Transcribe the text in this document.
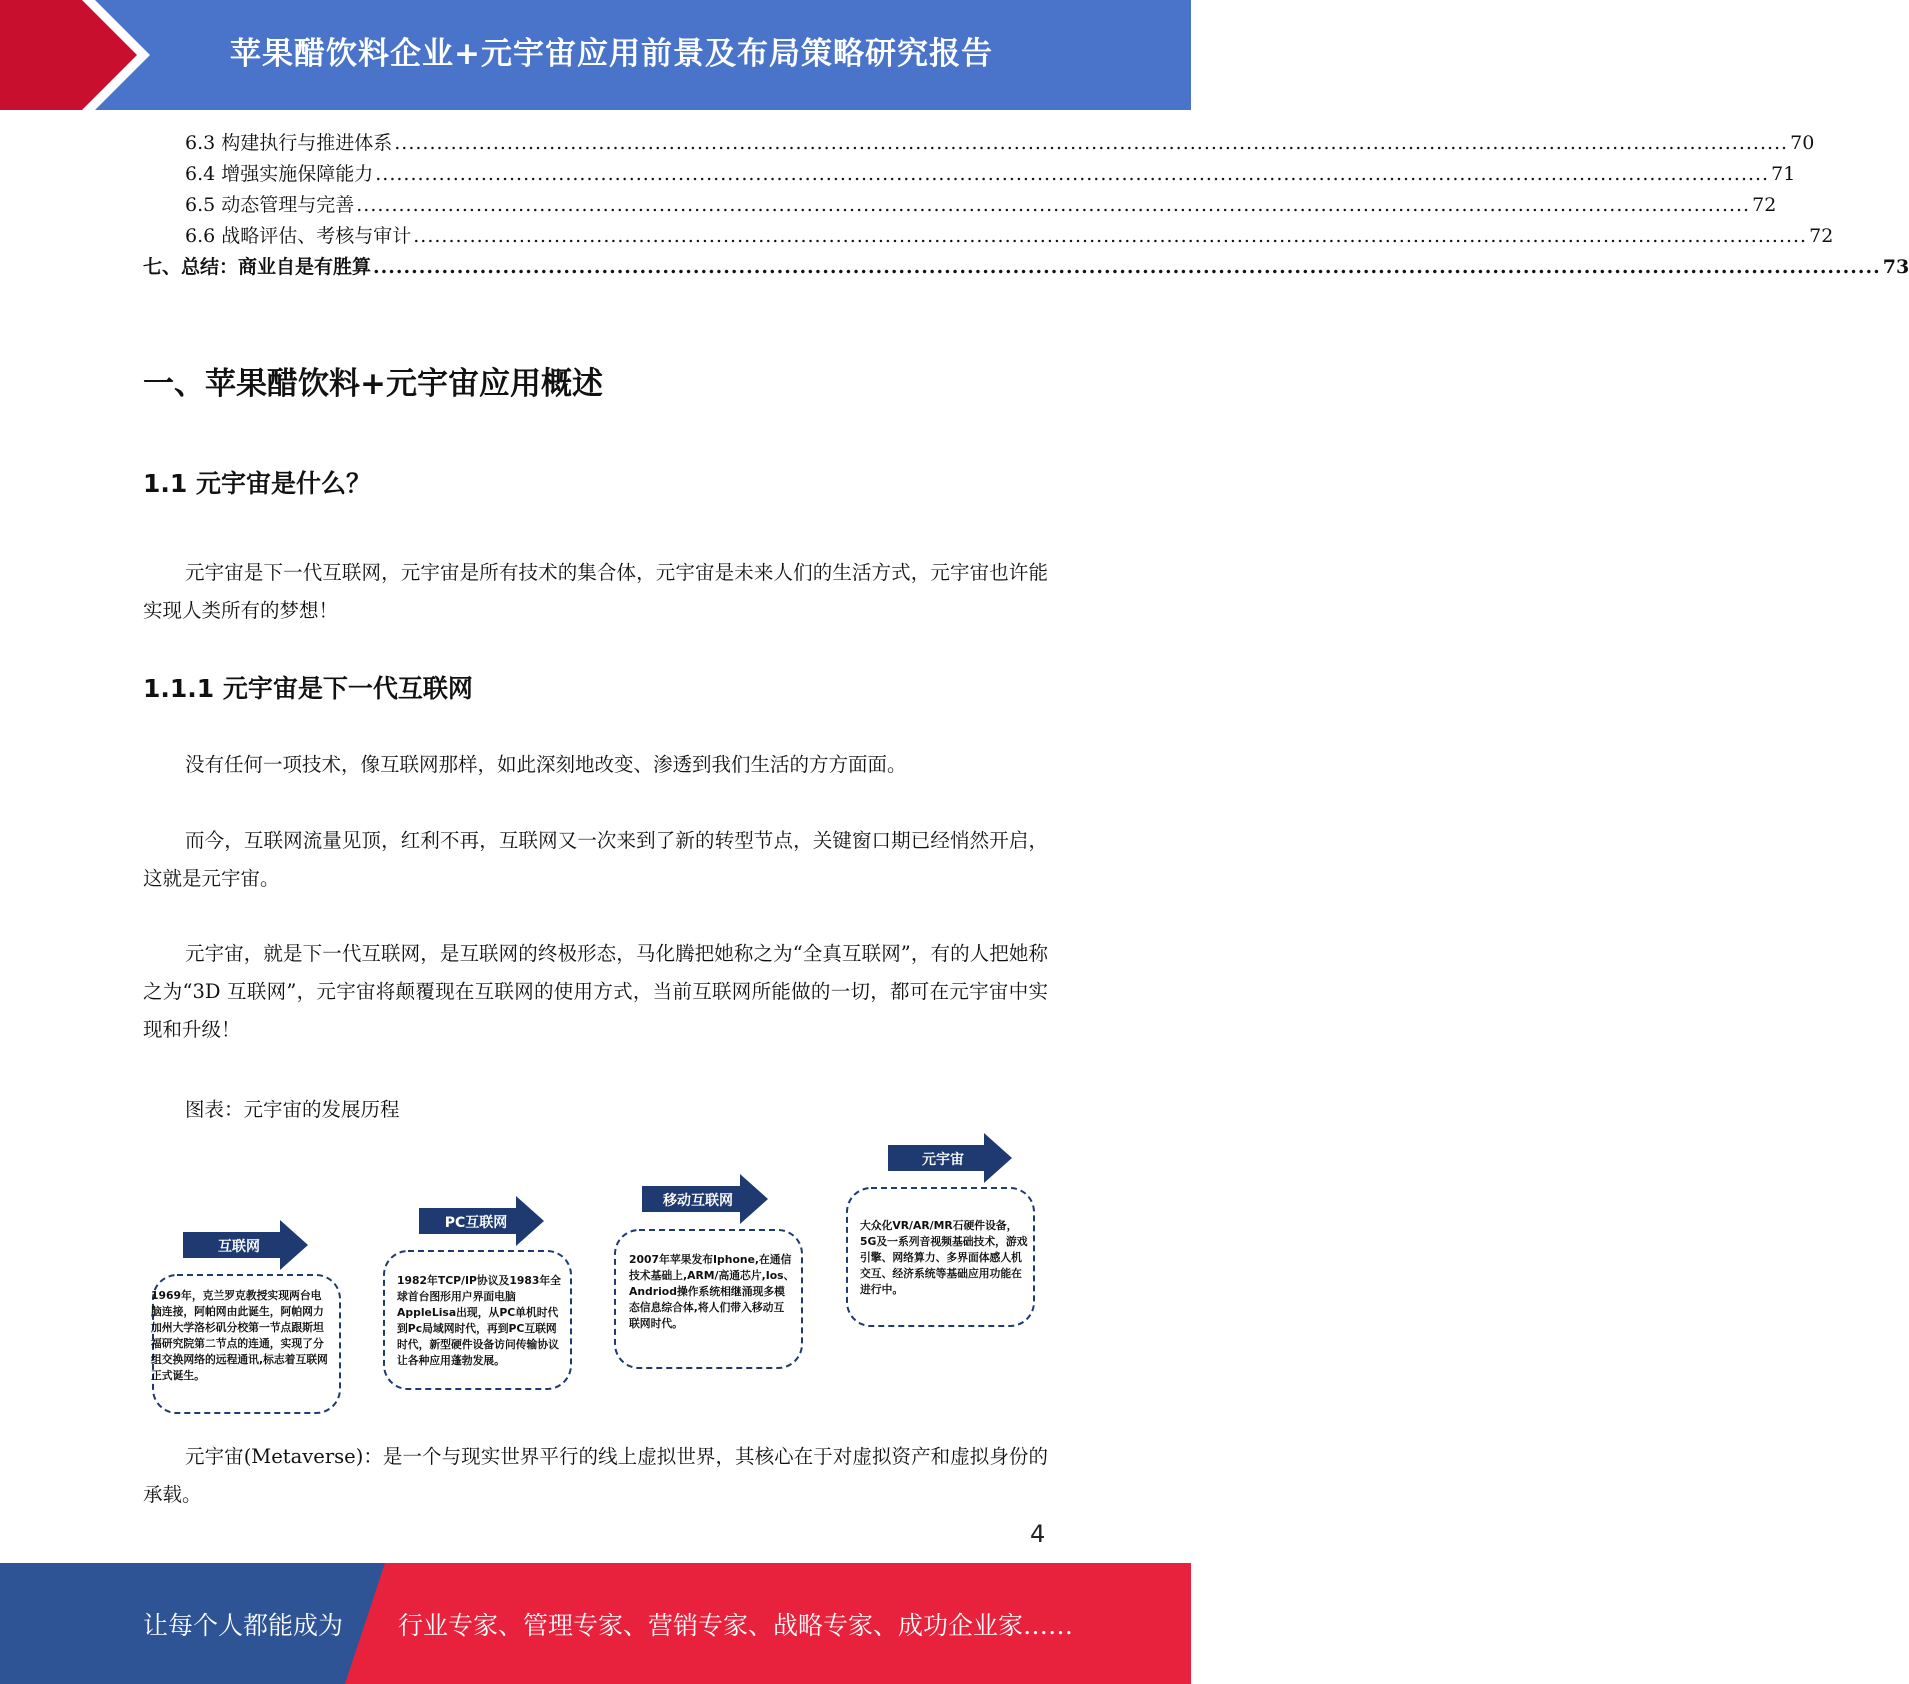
苹果醋饮料企业+元宇宙应用前景及布局策略研究报告
6.3 构建执行与推进体系 ...................................................................................................................................................................................................... 70
6.4 增强实施保障能力 ...................................................................................................................................................................................................... 71
6.5 动态管理与完善 ...................................................................................................................................................................................................... 72
6.6 战略评估、考核与审计 ...................................................................................................................................................................................................... 72
七、总结：商业自是有胜算 ...................................................................................................................................................................................................... 73
一、苹果醋饮料+元宇宙应用概述
1.1 元宇宙是什么？

元宇宙是下一代互联网，元宇宙是所有技术的集合体，元宇宙是未来人们的生活方式，元宇宙也许能实现人类所有的梦想！

1.1.1 元宇宙是下一代互联网

没有任何一项技术，像互联网那样，如此深刻地改变、渗透到我们生活的方方面面。

而今，互联网流量见顶，红利不再，互联网又一次来到了新的转型节点，关键窗口期已经悄然开启，这就是元宇宙。

元宇宙，就是下一代互联网，是互联网的终极形态，马化腾把她称之为“全真互联网”，有的人把她称之为“3D 互联网”，元宇宙将颠覆现在互联网的使用方式，当前互联网所能做的一切，都可在元宇宙中实现和升级！

图表：元宇宙的发展历程
互联网
PC互联网
移动互联网
元宇宙
1969年，克兰罗克教授实现两台电脑连接，阿帕网由此诞生，阿帕网力加州大学洛杉矶分校第一节点跟斯坦福研究院第二节点的连通，实现了分组交换网络的远程通讯,标志着互联网正式诞生。
1982年TCP/IP协议及1983年全球首台图形用户界面电脑AppleLisa出现，从PC单机时代到Pc局域网时代，再到PC互联网时代，新型硬件设备访问传输协议让各种应用蓬勃发展。
2007年苹果发布Iphone,在通信技术基础上,ARM/高通芯片,Ios、Andriod操作系统相继涌现多模态信息综合体,将人们带入移动互联网时代。
大众化VR/AR/MR石硬件设备，5G及一系列音视频基础技术，游戏引擎、网络算力、多界面体感人机交互、经济系统等基础应用功能在进行中。

元宇宙(Metaverse)：是一个与现实世界平行的线上虚拟世界，其核心在于对虚拟资产和虚拟身份的承载。

4
让每个人都能成为 行业专家、管理专家、营销专家、战略专家、成功企业家……
